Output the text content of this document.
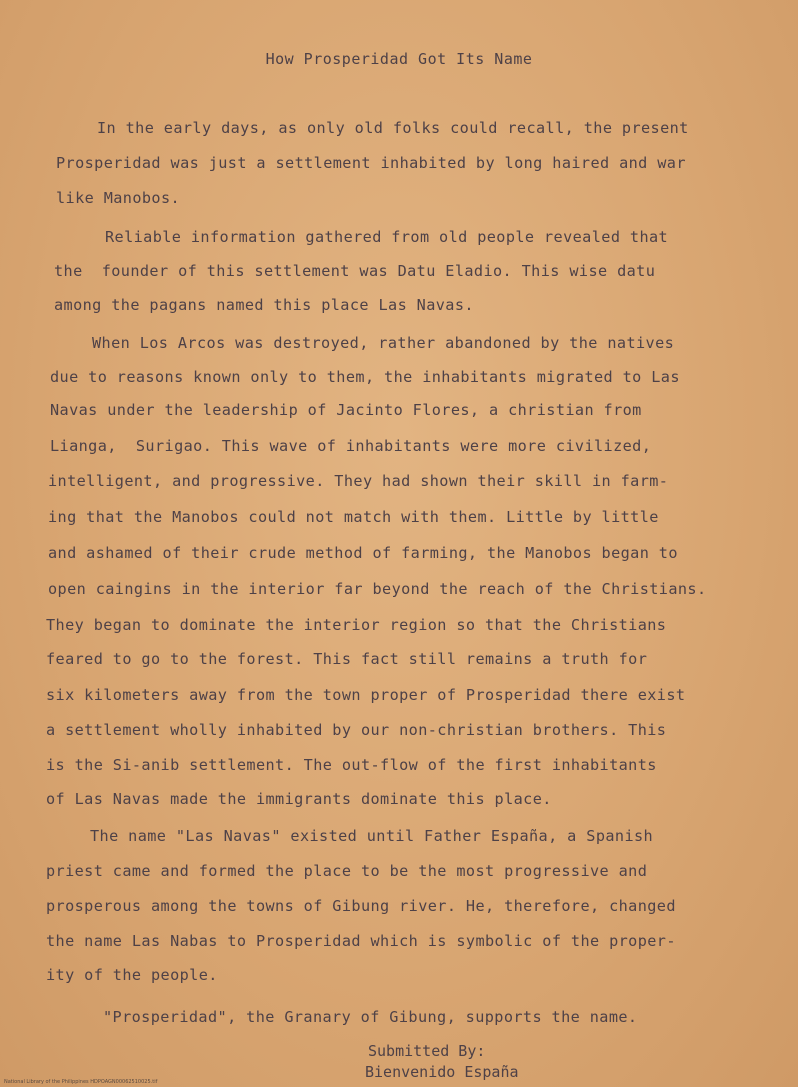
How Prosperidad Got Its Name
In the early days, as only old folks could recall, the present
Prosperidad was just a settlement inhabited by long haired and war
like Manobos.
Reliable information gathered from old people revealed that
the  founder of this settlement was Datu Eladio. This wise datu
among the pagans named this place Las Navas.
When Los Arcos was destroyed, rather abandoned by the natives
due to reasons known only to them, the inhabitants migrated to Las
Navas under the leadership of Jacinto Flores, a christian from
Lianga,  Surigao. This wave of inhabitants were more civilized,
intelligent, and progressive. They had shown their skill in farm-
ing that the Manobos could not match with them. Little by little
and ashamed of their crude method of farming, the Manobos began to
open caingins in the interior far beyond the reach of the Christians.
They began to dominate the interior region so that the Christians
feared to go to the forest. This fact still remains a truth for
six kilometers away from the town proper of Prosperidad there exist
a settlement wholly inhabited by our non-christian brothers. This
is the Si-anib settlement. The out-flow of the first inhabitants
of Las Navas made the immigrants dominate this place.
The name "Las Navas" existed until Father España, a Spanish
priest came and formed the place to be the most progressive and
prosperous among the towns of Gibung river. He, therefore, changed
the name Las Nabas to Prosperidad which is symbolic of the proper-
ity of the people.
"Prosperidad", the Granary of Gibung, supports the name.
Submitted By:
Bienvenido España
National Library of the Philippines HDPOAGN00062510025.tif
